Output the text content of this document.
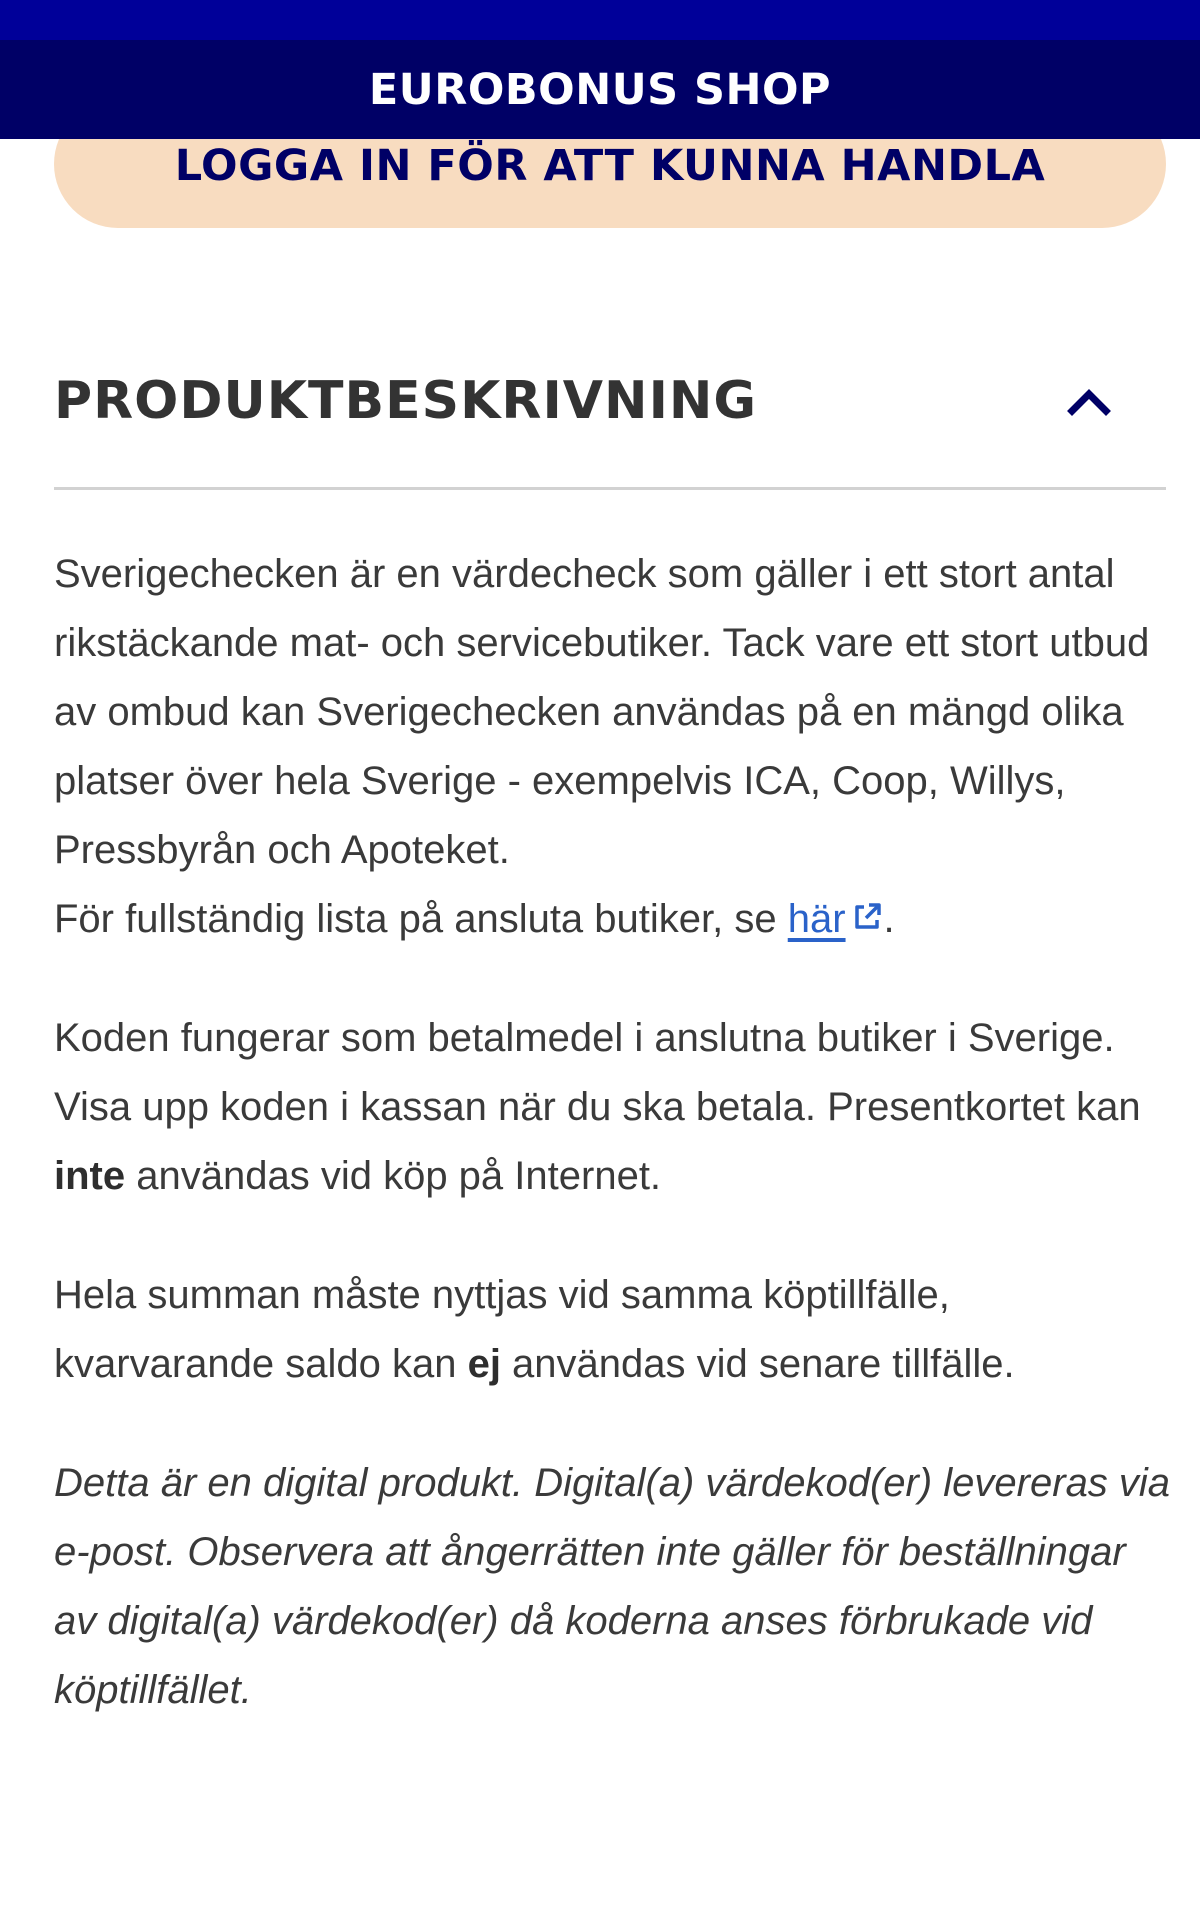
EUROBONUS SHOP
LOGGA IN FÖR ATT KUNNA HANDLA
PRODUKTBESKRIVNING

Sverigechecken är en värdecheck som gäller i ett stort antal rikstäckande mat- och servicebutiker. Tack vare ett stort utbud av ombud kan Sverigechecken användas på en mängd olika platser över hela Sverige - exempelvis ICA, Coop, Willys, Pressbyrån och Apoteket.
För fullständig lista på ansluta butiker, se här .

Koden fungerar som betalmedel i anslutna butiker i Sverige. Visa upp koden i kassan när du ska betala. Presentkortet kan inte användas vid köp på Internet.

Hela summan måste nyttjas vid samma köptillfälle, kvarvarande saldo kan ej användas vid senare tillfälle.

Detta är en digital produkt. Digital(a) värdekod(er) levereras via e-post. Observera att ångerrätten inte gäller för beställningar av digital(a) värdekod(er) då koderna anses förbrukade vid köptillfället.
